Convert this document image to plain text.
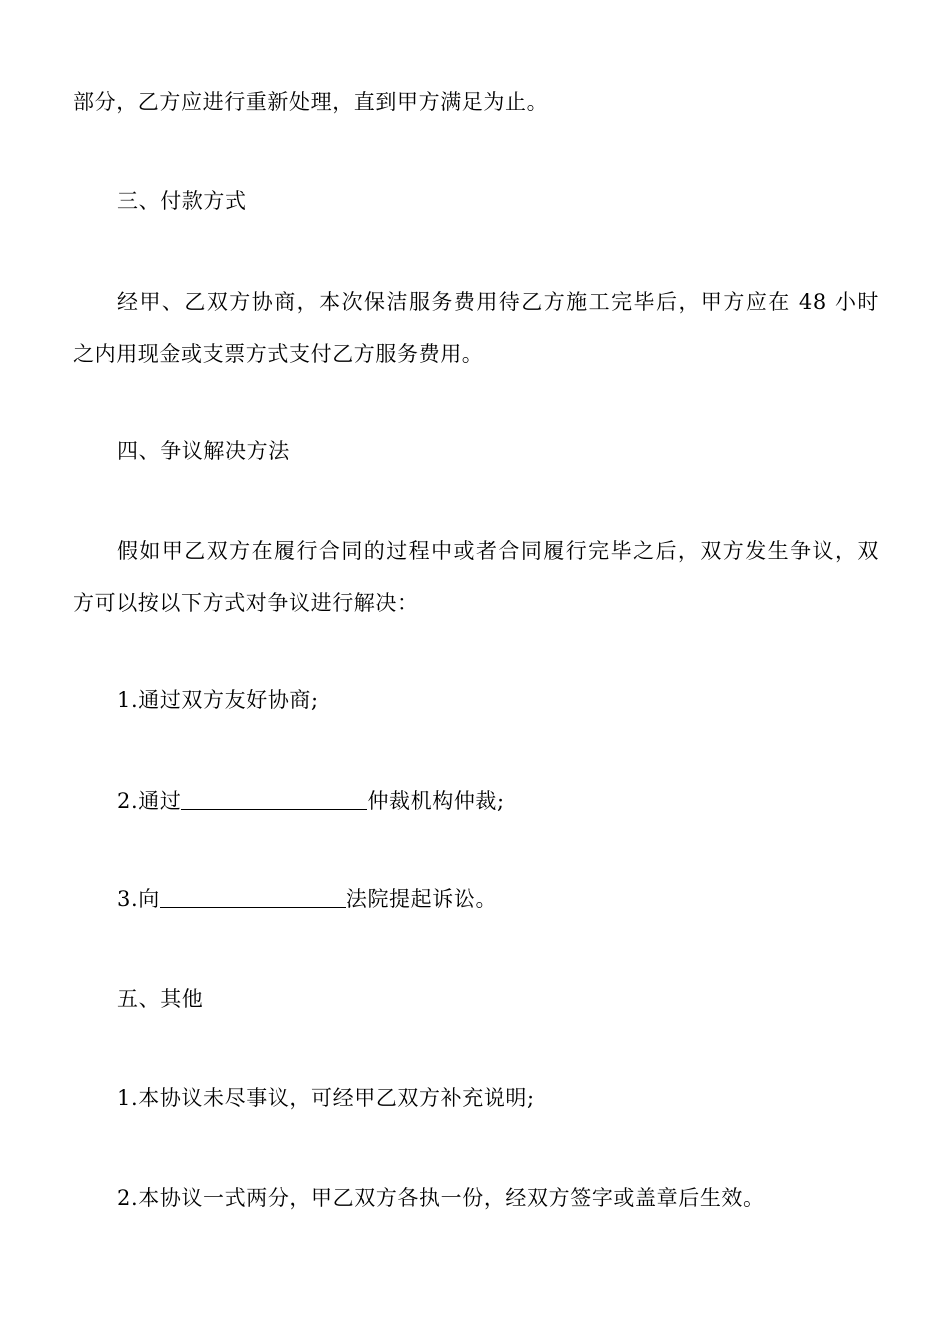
部分，乙方应进行重新处理，直到甲方满足为止。
三、付款方式
经甲、乙双方协商，本次保洁服务费用待乙方施工完毕后，甲方应在 48 小时
之内用现金或支票方式支付乙方服务费用。
四、争议解决方法
假如甲乙双方在履行合同的过程中或者合同履行完毕之后，双方发生争议，双
方可以按以下方式对争议进行解决：
1.通过双方友好协商;
2.通过	仲裁机构仲裁;
3.向	法院提起诉讼。
五、其他
1.本协议未尽事议，可经甲乙双方补充说明;
2.本协议一式两分，甲乙双方各执一份，经双方签字或盖章后生效。
